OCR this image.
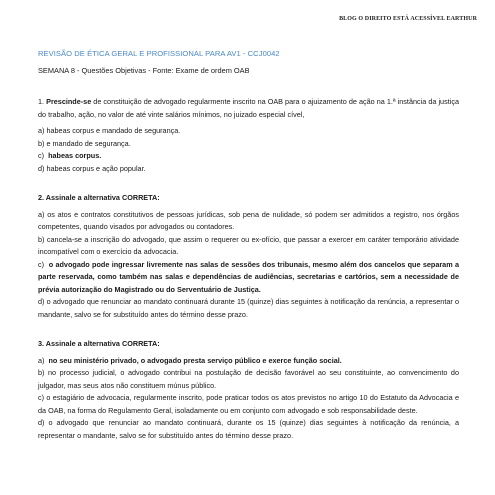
BLOG O DIREITO ESTÁ ACESSÍVEL EARTHUR
REVISÃO DE ÉTICA GERAL E PROFISSIONAL PARA AV1 - CCJ0042
SEMANA 8 - Questões Objetivas - Fonte: Exame de ordem OAB

1. Prescinde-se de constituição de advogado regularmente inscrito na OAB para o ajuizamento de ação na 1.ª instância da justiça do trabalho, ação, no valor de até vinte salários mínimos, no juizado especial cível,

a) habeas corpus e mandado de segurança.

b) e mandado de segurança.

c) habeas corpus.

d) habeas corpus e ação popular.

2. Assinale a alternativa CORRETA:

a) os atos e contratos constitutivos de pessoas jurídicas, sob pena de nulidade, só podem ser admitidos a registro, nos órgãos competentes, quando visados por advogados ou contadores.

b) cancela-se a inscrição do advogado, que assim o requerer ou ex-ofício, que passar a exercer em caráter temporário atividade incompatível com o exercício da advocacia.

c) o advogado pode ingressar livremente nas salas de sessões dos tribunais, mesmo além dos cancelos que separam a parte reservada, como também nas salas e dependências de audiências, secretarias e cartórios, sem a necessidade de prévia autorização do Magistrado ou do Serventuário de Justiça.

d) o advogado que renunciar ao mandato continuará durante 15 (quinze) dias seguintes à notificação da renúncia, a representar o mandante, salvo se for substituído antes do término desse prazo.

3. Assinale a alternativa CORRETA:

a) no seu ministério privado, o advogado presta serviço público e exerce função social.

b) no processo judicial, o advogado contribui na postulação de decisão favorável ao seu constituinte, ao convencimento do julgador, mas seus atos não constituem múnus público.

c) o estagiário de advocacia, regularmente inscrito, pode praticar todos os atos previstos no artigo 10 do Estatuto da Advocacia e da OAB, na forma do Regulamento Geral, isoladamente ou em conjunto com advogado e sob responsabilidade deste.

d) o advogado que renunciar ao mandato continuará, durante os 15 (quinze) dias seguintes à notificação da renúncia, a representar o mandante, salvo se for substituído antes do término desse prazo.
